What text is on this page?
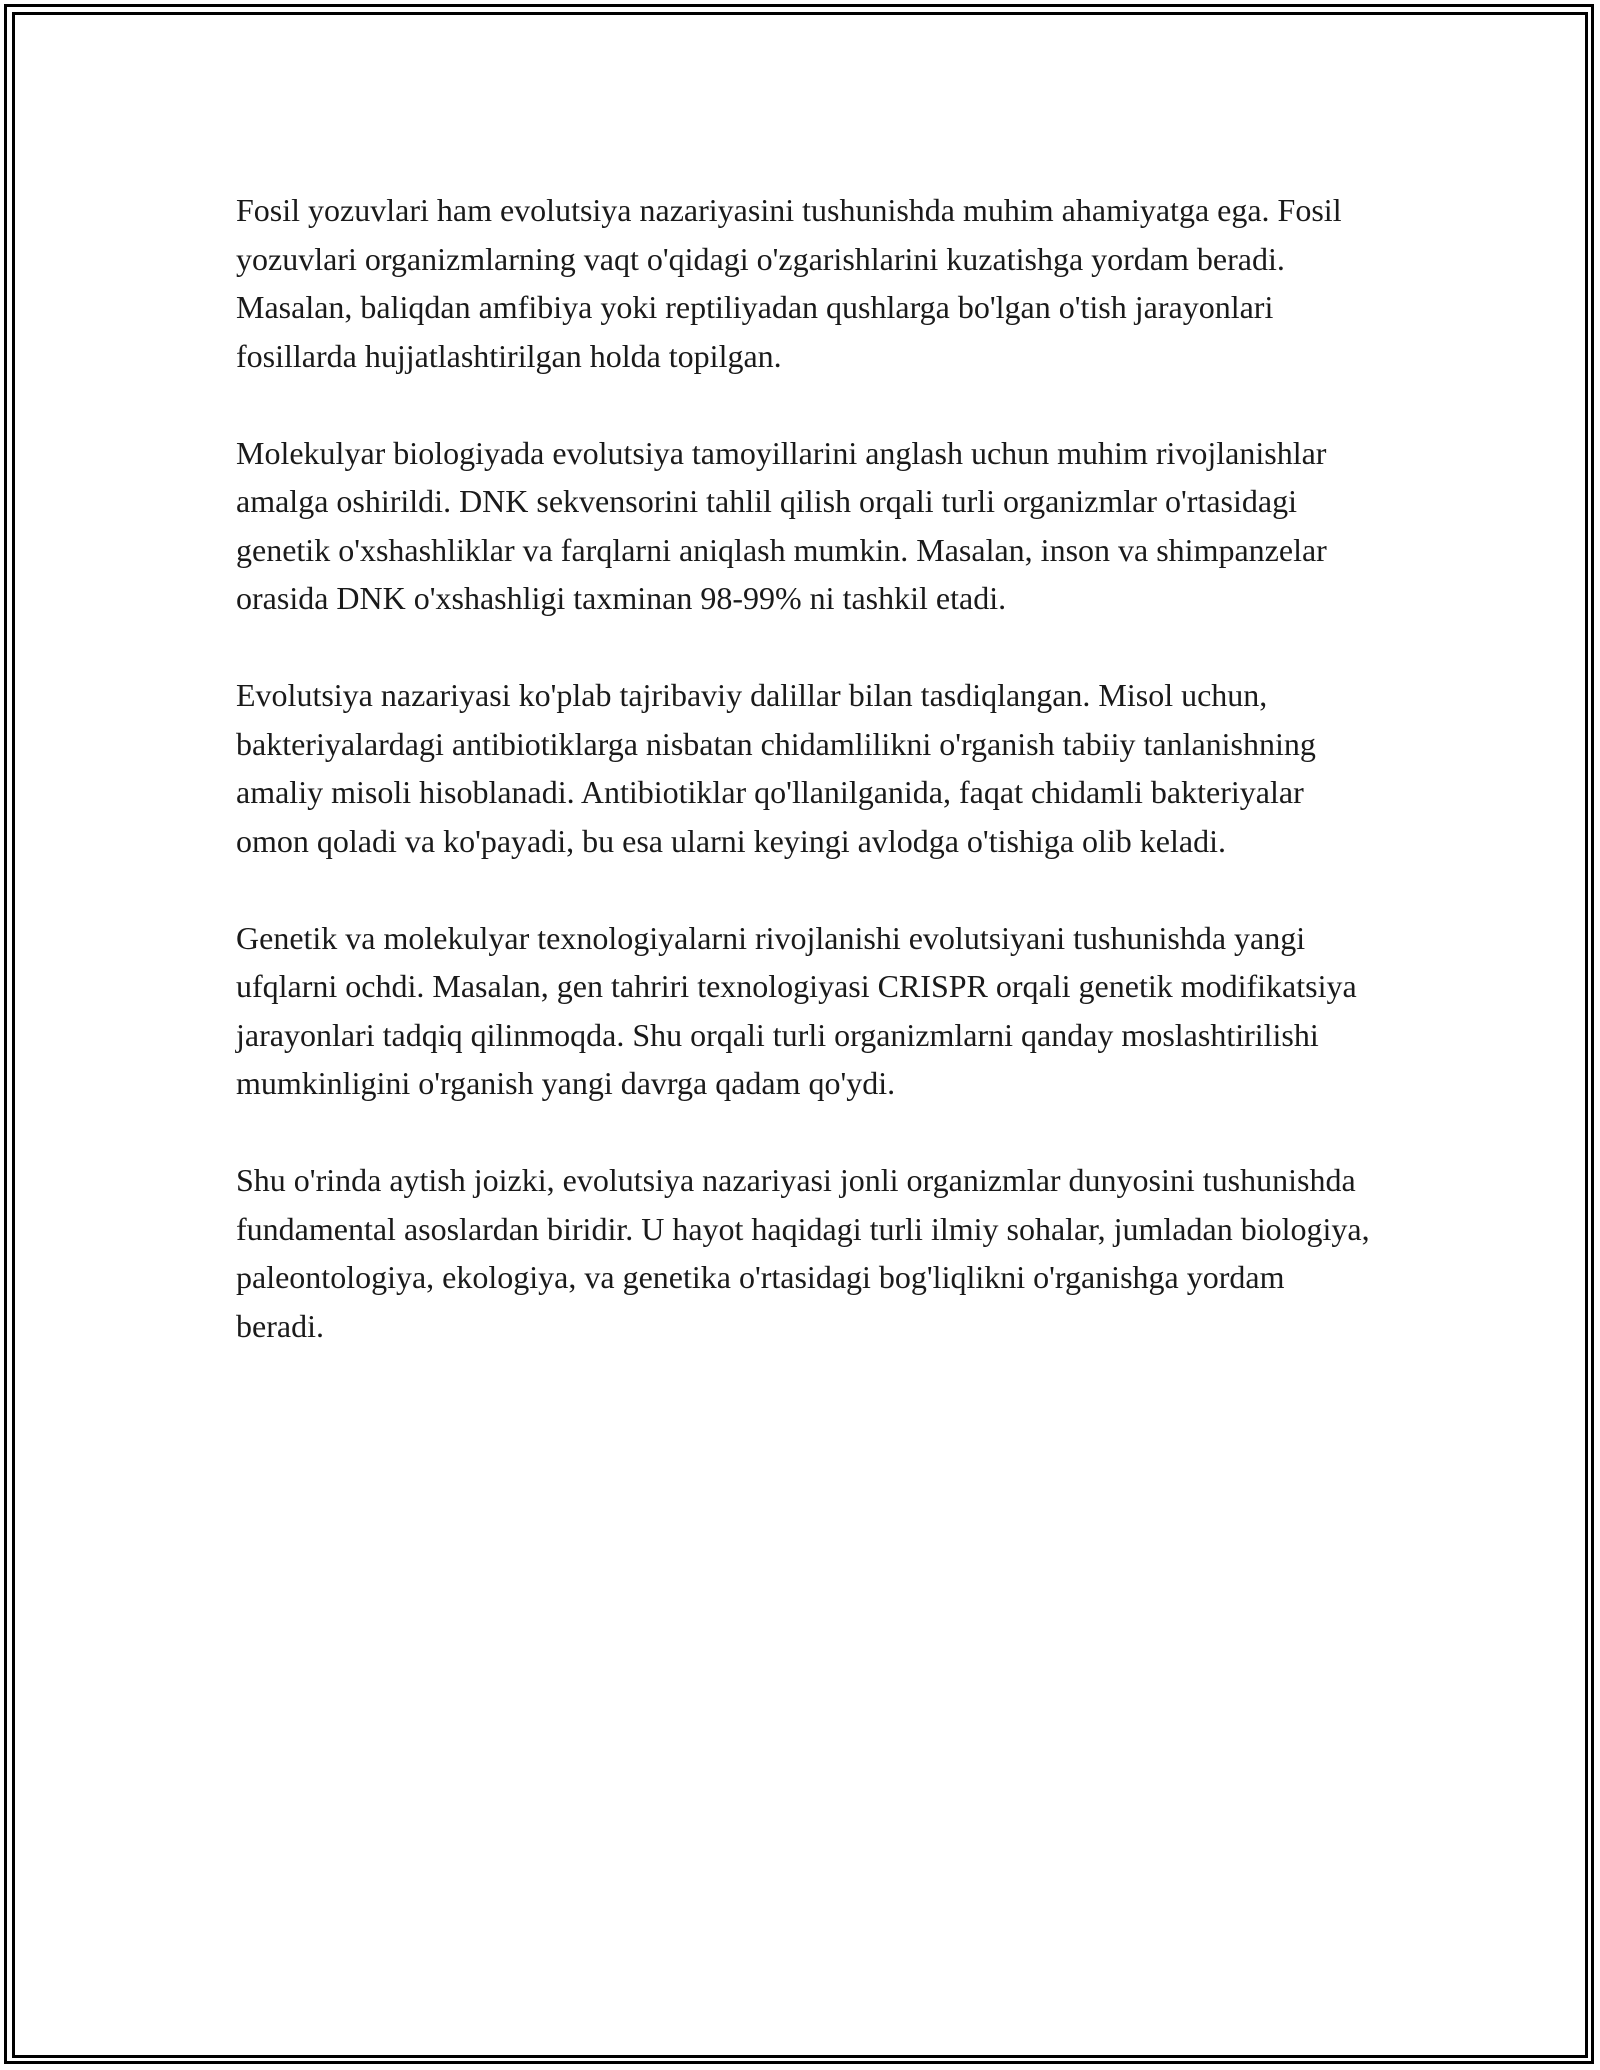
Fosil yozuvlari ham evolutsiya nazariyasini tushunishda muhim ahamiyatga ega. Fosil yozuvlari organizmlarning vaqt o'qidagi o'zgarishlarini kuzatishga yordam beradi. Masalan, baliqdan amfibiya yoki reptiliyadan qushlarga bo'lgan o'tish jarayonlari fosillarda hujjatlashtirilgan holda topilgan.

Molekulyar biologiyada evolutsiya tamoyillarini anglash uchun muhim rivojlanishlar amalga oshirildi. DNK sekvensorini tahlil qilish orqali turli organizmlar o'rtasidagi genetik o'xshashliklar va farqlarni aniqlash mumkin. Masalan, inson va shimpanzelar orasida DNK o'xshashligi taxminan 98-99% ni tashkil etadi.

Evolutsiya nazariyasi ko'plab tajribaviy dalillar bilan tasdiqlangan. Misol uchun, bakteriyalardagi antibiotiklarga nisbatan chidamlilikni o'rganish tabiiy tanlanishning amaliy misoli hisoblanadi. Antibiotiklar qo'llanilganida, faqat chidamli bakteriyalar omon qoladi va ko'payadi, bu esa ularni keyingi avlodga o'tishiga olib keladi.

Genetik va molekulyar texnologiyalarni rivojlanishi evolutsiyani tushunishda yangi ufqlarni ochdi. Masalan, gen tahriri texnologiyasi CRISPR orqali genetik modifikatsiya jarayonlari tadqiq qilinmoqda. Shu orqali turli organizmlarni qanday moslashtirilishi mumkinligini o'rganish yangi davrga qadam qo'ydi.

Shu o'rinda aytish joizki, evolutsiya nazariyasi jonli organizmlar dunyosini tushunishda fundamental asoslardan biridir. U hayot haqidagi turli ilmiy sohalar, jumladan biologiya, paleontologiya, ekologiya, va genetika o'rtasidagi bog'liqlikni o'rganishga yordam beradi.
